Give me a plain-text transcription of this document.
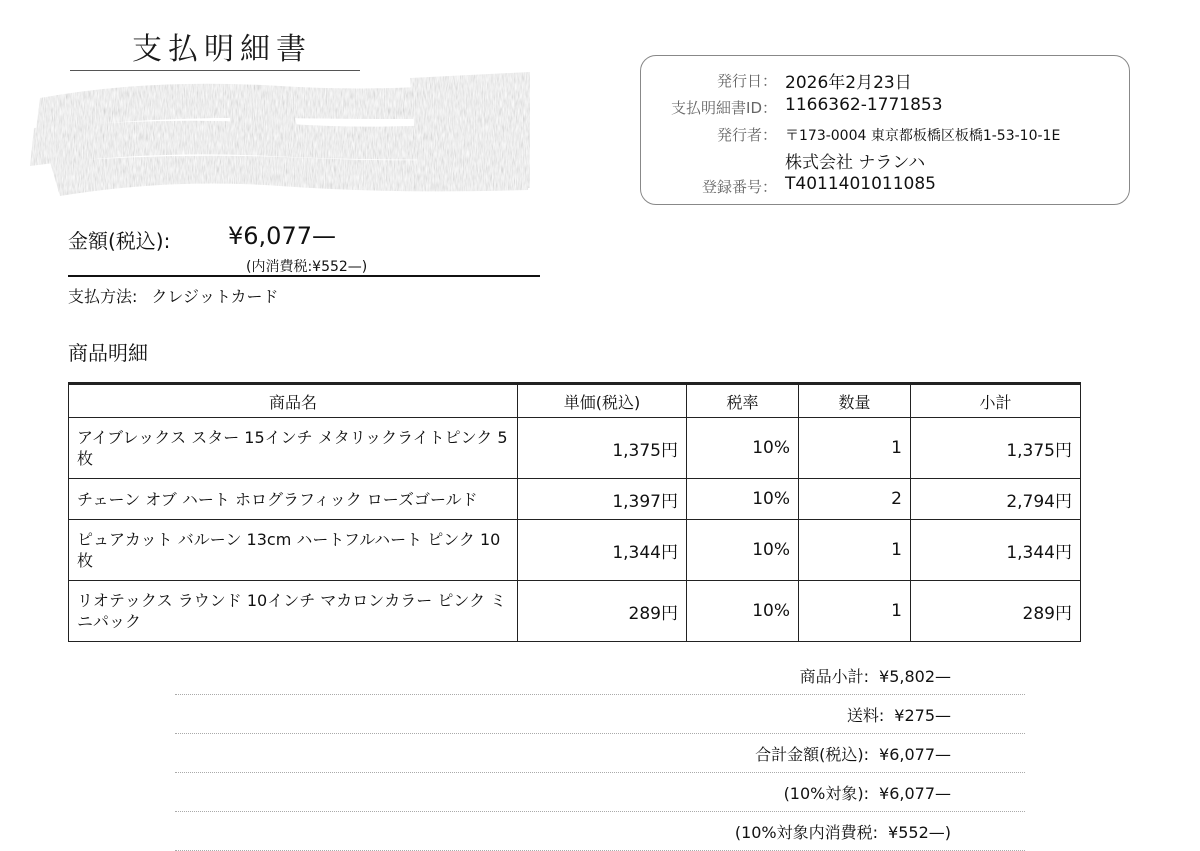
支払明細書
発行日： 2026年2月23日
支払明細書ID： 1166362-1771853
発行者： 〒173-0004 東京都板橋区板橋1-53-10-1E
株式会社 ナランハ
登録番号： T4011401011085
金額(税込): ¥6,077—
(内消費税:¥552—)
支払方法: クレジットカード
商品明細
商品名	単価(税込)	税率	数量	小計
アイブレックス スター 15インチ メタリックライトピンク 5枚	1,375円	10%	1	1,375円
チェーン オブ ハート ホログラフィック ローズゴールド	1,397円	10%	2	2,794円
ピュアカット バルーン 13cm ハートフルハート ピンク 10枚	1,344円	10%	1	1,344円
リオテックス ラウンド 10インチ マカロンカラー ピンク ミニパック	289円	10%	1	289円
商品小計: ¥5,802—
送料: ¥275—
合計金額(税込): ¥6,077—
(10%対象): ¥6,077—
(10%対象内消費税: ¥552—)
